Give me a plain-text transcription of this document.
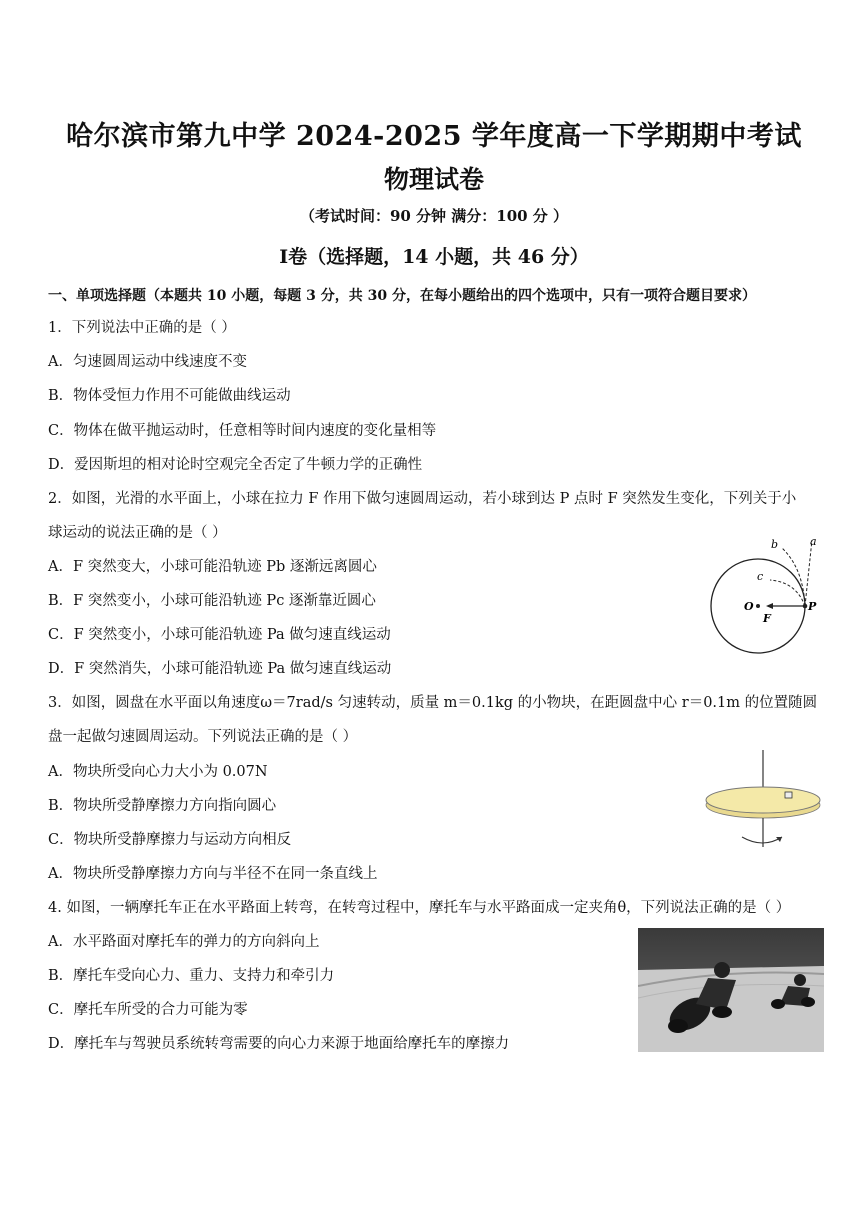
哈尔滨市第九中学 2024-2025 学年度高一下学期期中考试
物理试卷
（考试时间：90 分钟 满分：100 分 ）
I卷（选择题，14 小题，共 46 分）
一、单项选择题（本题共 10 小题，每题 3 分，共 30 分，在每小题给出的四个选项中，只有一项符合题目要求）
1．下列说法中正确的是（ ）
A．匀速圆周运动中线速度不变
B．物体受恒力作用不可能做曲线运动
C．物体在做平抛运动时，任意相等时间内速度的变化量相等
D．爱因斯坦的相对论时空观完全否定了牛顿力学的正确性
2．如图，光滑的水平面上，小球在拉力 F 作用下做匀速圆周运动，若小球到达 P 点时 F 突然发生变化，下列关于小
球运动的说法正确的是（ ）
A．F 突然变大，小球可能沿轨迹 Pb 逐渐远离圆心
B．F 突然变小，小球可能沿轨迹 Pc 逐渐靠近圆心
C．F 突然变小，小球可能沿轨迹 Pa 做匀速直线运动
D．F 突然消失，小球可能沿轨迹 Pa 做匀速直线运动
a
b
c
O	P
F
3．如图，圆盘在水平面以角速度ω＝7rad/s 匀速转动，质量 m＝0.1kg 的小物块，在距圆盘中心 r＝0.1m 的位置随圆
盘一起做匀速圆周运动。下列说法正确的是（ ）
A．物块所受向心力大小为 0.07N
B．物块所受静摩擦力方向指向圆心
C．物块所受静摩擦力与运动方向相反
A．物块所受静摩擦力方向与半径不在同一条直线上
4. 如图，一辆摩托车正在水平路面上转弯，在转弯过程中，摩托车与水平路面成一定夹角θ，下列说法正确的是（ ）
A．水平路面对摩托车的弹力的方向斜向上
B．摩托车受向心力、重力、支持力和牵引力
C．摩托车所受的合力可能为零
D．摩托车与驾驶员系统转弯需要的向心力来源于地面给摩托车的摩擦力
